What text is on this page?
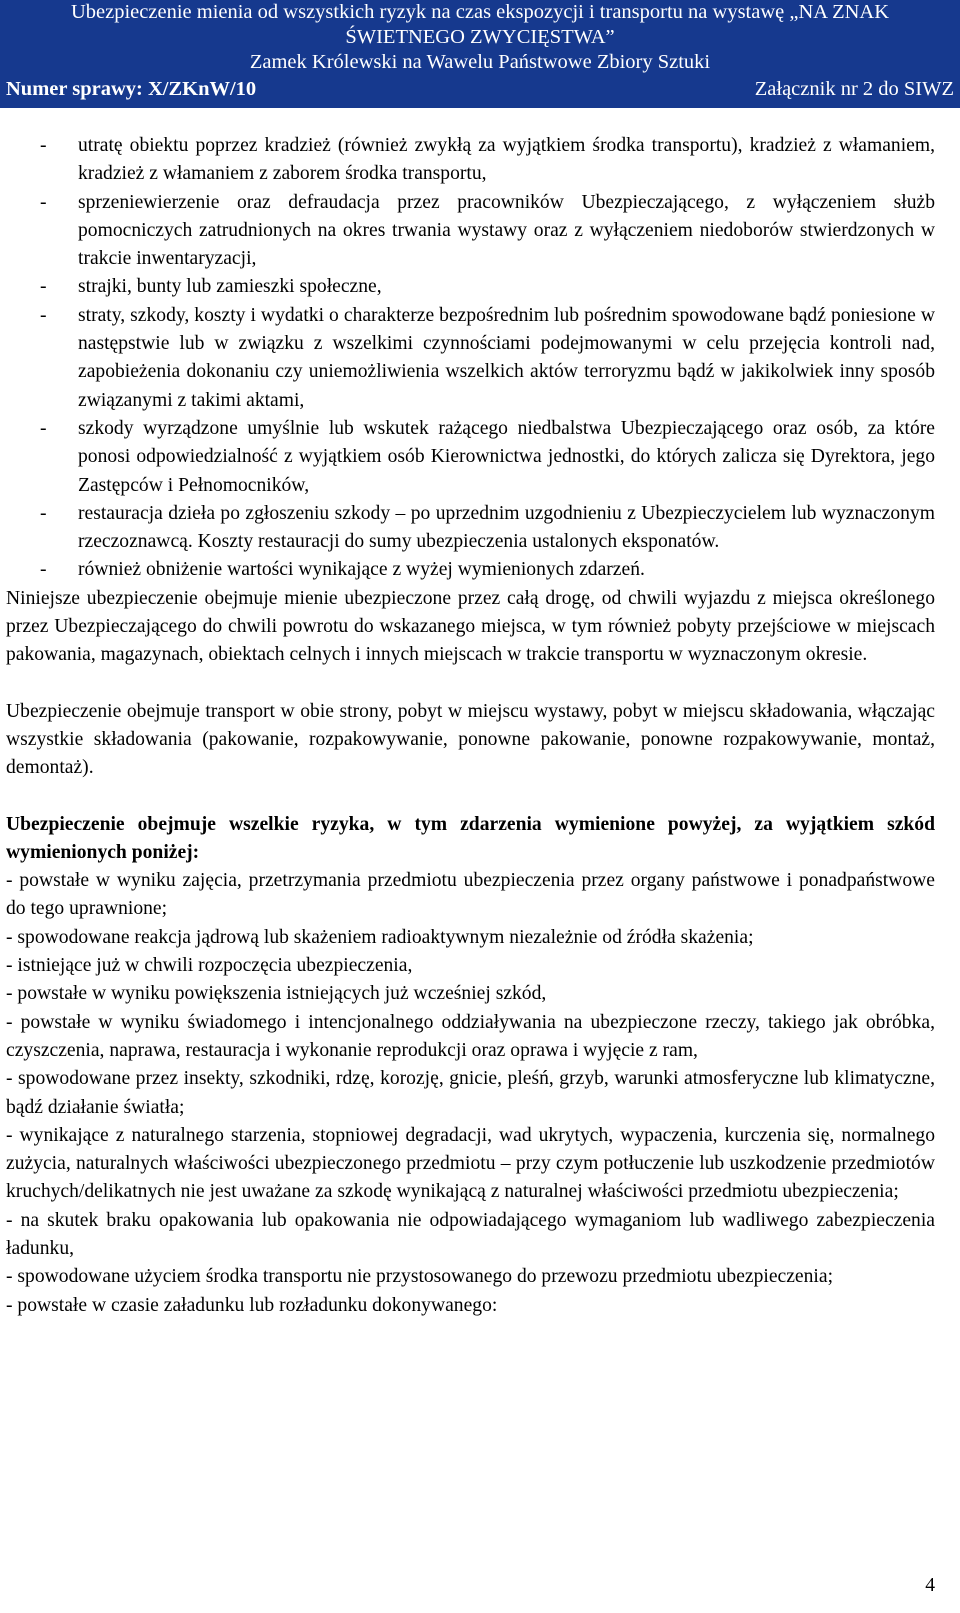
Ubezpieczenie mienia od wszystkich ryzyk na czas ekspozycji i transportu na wystawę „NA ZNAK
ŚWIETNEGO ZWYCIĘSTWA”
Zamek Królewski na Wawelu Państwowe Zbiory Sztuki
Numer sprawy: X/ZKnW/10	Załącznik nr 2 do SIWZ
-	utratę obiektu poprzez kradzież (również zwykłą za wyjątkiem środka transportu), kradzież z włamaniem, kradzież z włamaniem z zaborem środka transportu,
-	sprzeniewierzenie oraz defraudacja przez pracowników Ubezpieczającego, z wyłączeniem służb pomocniczych zatrudnionych na okres trwania wystawy oraz z wyłączeniem niedoborów stwierdzonych w trakcie inwentaryzacji,
-	strajki, bunty lub zamieszki społeczne,
-	straty, szkody, koszty i wydatki o charakterze bezpośrednim lub pośrednim spowodowane bądź poniesione w następstwie lub w związku z wszelkimi czynnościami podejmowanymi w celu przejęcia kontroli nad, zapobieżenia dokonaniu czy uniemożliwienia wszelkich aktów terroryzmu bądź w jakikolwiek inny sposób związanymi z takimi aktami,
-	szkody wyrządzone umyślnie lub wskutek rażącego niedbalstwa Ubezpieczającego oraz osób, za które ponosi odpowiedzialność z wyjątkiem osób Kierownictwa jednostki, do których zalicza się Dyrektora, jego Zastępców i Pełnomocników,
-	restauracja dzieła po zgłoszeniu szkody – po uprzednim uzgodnieniu z Ubezpieczycielem lub wyznaczonym rzeczoznawcą. Koszty restauracji do sumy ubezpieczenia ustalonych eksponatów.
-	również obniżenie wartości wynikające z wyżej wymienionych zdarzeń.

Niniejsze ubezpieczenie obejmuje mienie ubezpieczone przez całą drogę, od chwili wyjazdu z miejsca określonego przez Ubezpieczającego do chwili powrotu do wskazanego miejsca, w tym również pobyty przejściowe w miejscach pakowania, magazynach, obiektach celnych i innych miejscach w trakcie transportu w wyznaczonym okresie.

Ubezpieczenie obejmuje transport w obie strony, pobyt w miejscu wystawy, pobyt w miejscu składowania, włączając wszystkie składowania (pakowanie, rozpakowywanie, ponowne pakowanie, ponowne rozpakowywanie, montaż, demontaż).

Ubezpieczenie obejmuje wszelkie ryzyka, w tym zdarzenia wymienione powyżej, za wyjątkiem szkód wymienionych poniżej:

- powstałe w wyniku zajęcia, przetrzymania przedmiotu ubezpieczenia przez organy państwowe i ponadpaństwowe do tego uprawnione;

- spowodowane reakcja jądrową lub skażeniem radioaktywnym niezależnie od źródła skażenia;

- istniejące już w chwili rozpoczęcia ubezpieczenia,

- powstałe w wyniku powiększenia istniejących już wcześniej szkód,

- powstałe w wyniku świadomego i intencjonalnego oddziaływania na ubezpieczone rzeczy, takiego jak obróbka, czyszczenia, naprawa, restauracja i wykonanie reprodukcji oraz oprawa i wyjęcie z ram,

- spowodowane przez insekty, szkodniki, rdzę, korozję, gnicie, pleśń, grzyb, warunki atmosferyczne lub klimatyczne, bądź działanie światła;

- wynikające z naturalnego starzenia, stopniowej degradacji, wad ukrytych, wypaczenia, kurczenia się, normalnego zużycia, naturalnych właściwości ubezpieczonego przedmiotu – przy czym potłuczenie lub uszkodzenie przedmiotów kruchych/delikatnych nie jest uważane za szkodę wynikającą z naturalnej właściwości przedmiotu ubezpieczenia;

- na skutek braku opakowania lub opakowania nie odpowiadającego wymaganiom lub wadliwego zabezpieczenia ładunku,

- spowodowane użyciem środka transportu nie przystosowanego do przewozu przedmiotu ubezpieczenia;

- powstałe w czasie załadunku lub rozładunku dokonywanego:

4
